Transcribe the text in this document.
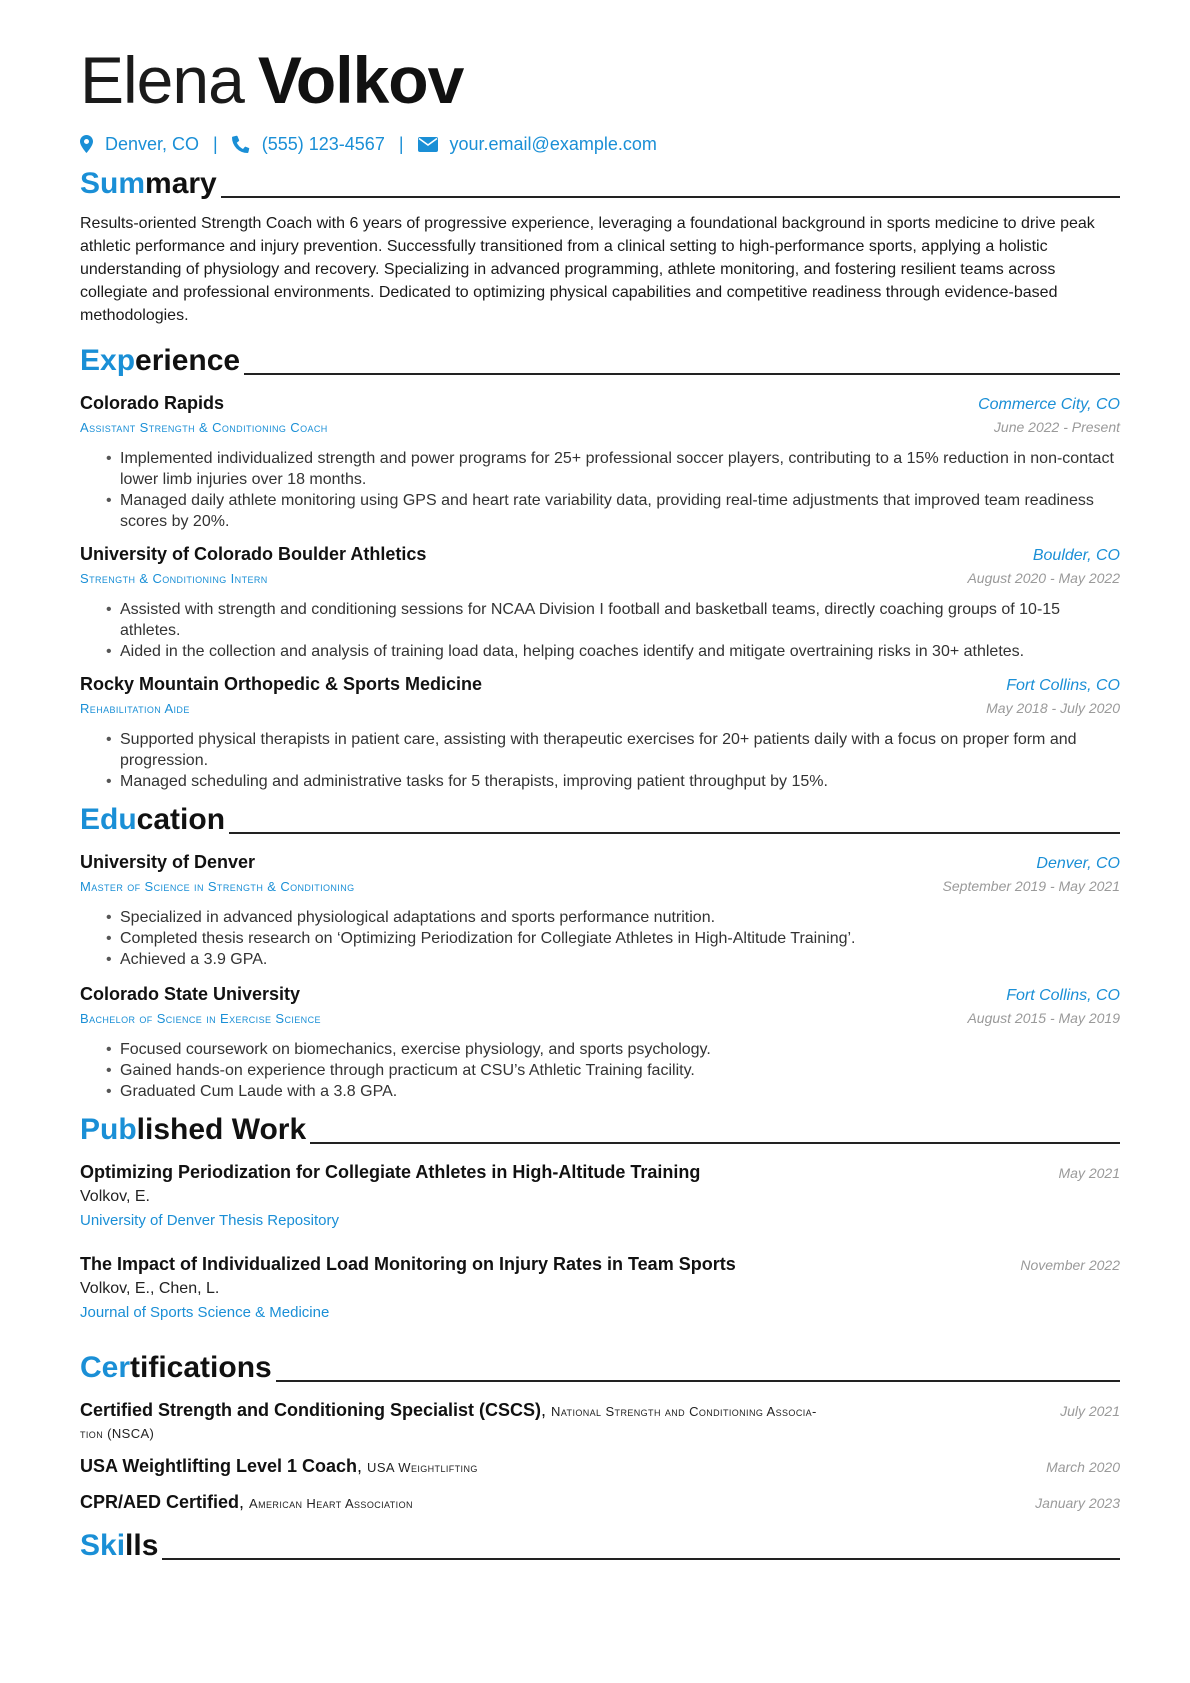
Elena Volkov
Denver, CO | (555) 123-4567 |	your.email@example.com
Summary
Results-oriented Strength Coach with 6 years of progressive experience, leveraging a foundational background in sports medicine to drive peak athletic performance and injury prevention. Successfully transitioned from a clinical setting to high-performance sports, applying a holistic understanding of physiology and recovery. Specializing in advanced programming, athlete monitoring, and fostering resilient teams across collegiate and professional environments. Dedicated to optimizing physical capabilities and competitive readiness through evidence-based methodologies.
Experience
Colorado Rapids	Commerce City, CO
Assistant Strength & Conditioning Coach	June 2022 - Present
• Implemented individualized strength and power programs for 25+ professional soccer players, contributing to a 15% reduction in non-contact lower limb injuries over 18 months.
• Managed daily athlete monitoring using GPS and heart rate variability data, providing real-time adjustments that improved team readiness scores by 20%.
University of Colorado Boulder Athletics	Boulder, CO
Strength & Conditioning Intern	August 2020 - May 2022
• Assisted with strength and conditioning sessions for NCAA Division I football and basketball teams, directly coaching groups of 10-15 athletes.
• Aided in the collection and analysis of training load data, helping coaches identify and mitigate overtraining risks in 30+ athletes.
Rocky Mountain Orthopedic & Sports Medicine	Fort Collins, CO
Rehabilitation Aide	May 2018 - July 2020
• Supported physical therapists in patient care, assisting with therapeutic exercises for 20+ patients daily with a focus on proper form and progression.
• Managed scheduling and administrative tasks for 5 therapists, improving patient throughput by 15%.
Education
University of Denver	Denver, CO
Master of Science in Strength & Conditioning	September 2019 - May 2021
• Specialized in advanced physiological adaptations and sports performance nutrition.
• Completed thesis research on ‘Optimizing Periodization for Collegiate Athletes in High-Altitude Training’.
• Achieved a 3.9 GPA.
Colorado State University	Fort Collins, CO
Bachelor of Science in Exercise Science	August 2015 - May 2019
• Focused coursework on biomechanics, exercise physiology, and sports psychology.
• Gained hands-on experience through practicum at CSU’s Athletic Training facility.
• Graduated Cum Laude with a 3.8 GPA.
Published Work
Optimizing Periodization for Collegiate Athletes in High-Altitude Training	May 2021
Volkov, E.
University of Denver Thesis Repository
The Impact of Individualized Load Monitoring on Injury Rates in Team Sports	November 2022
Volkov, E., Chen, L.
Journal of Sports Science & Medicine
Certifications
Certified Strength and Conditioning Specialist (CSCS), National Strength and Conditioning Associa-
tion (NSCA)
July 2021
USA Weightlifting Level 1 Coach, USA Weightlifting	March 2020
CPR/AED Certified, American Heart Association	January 2023
Skills
